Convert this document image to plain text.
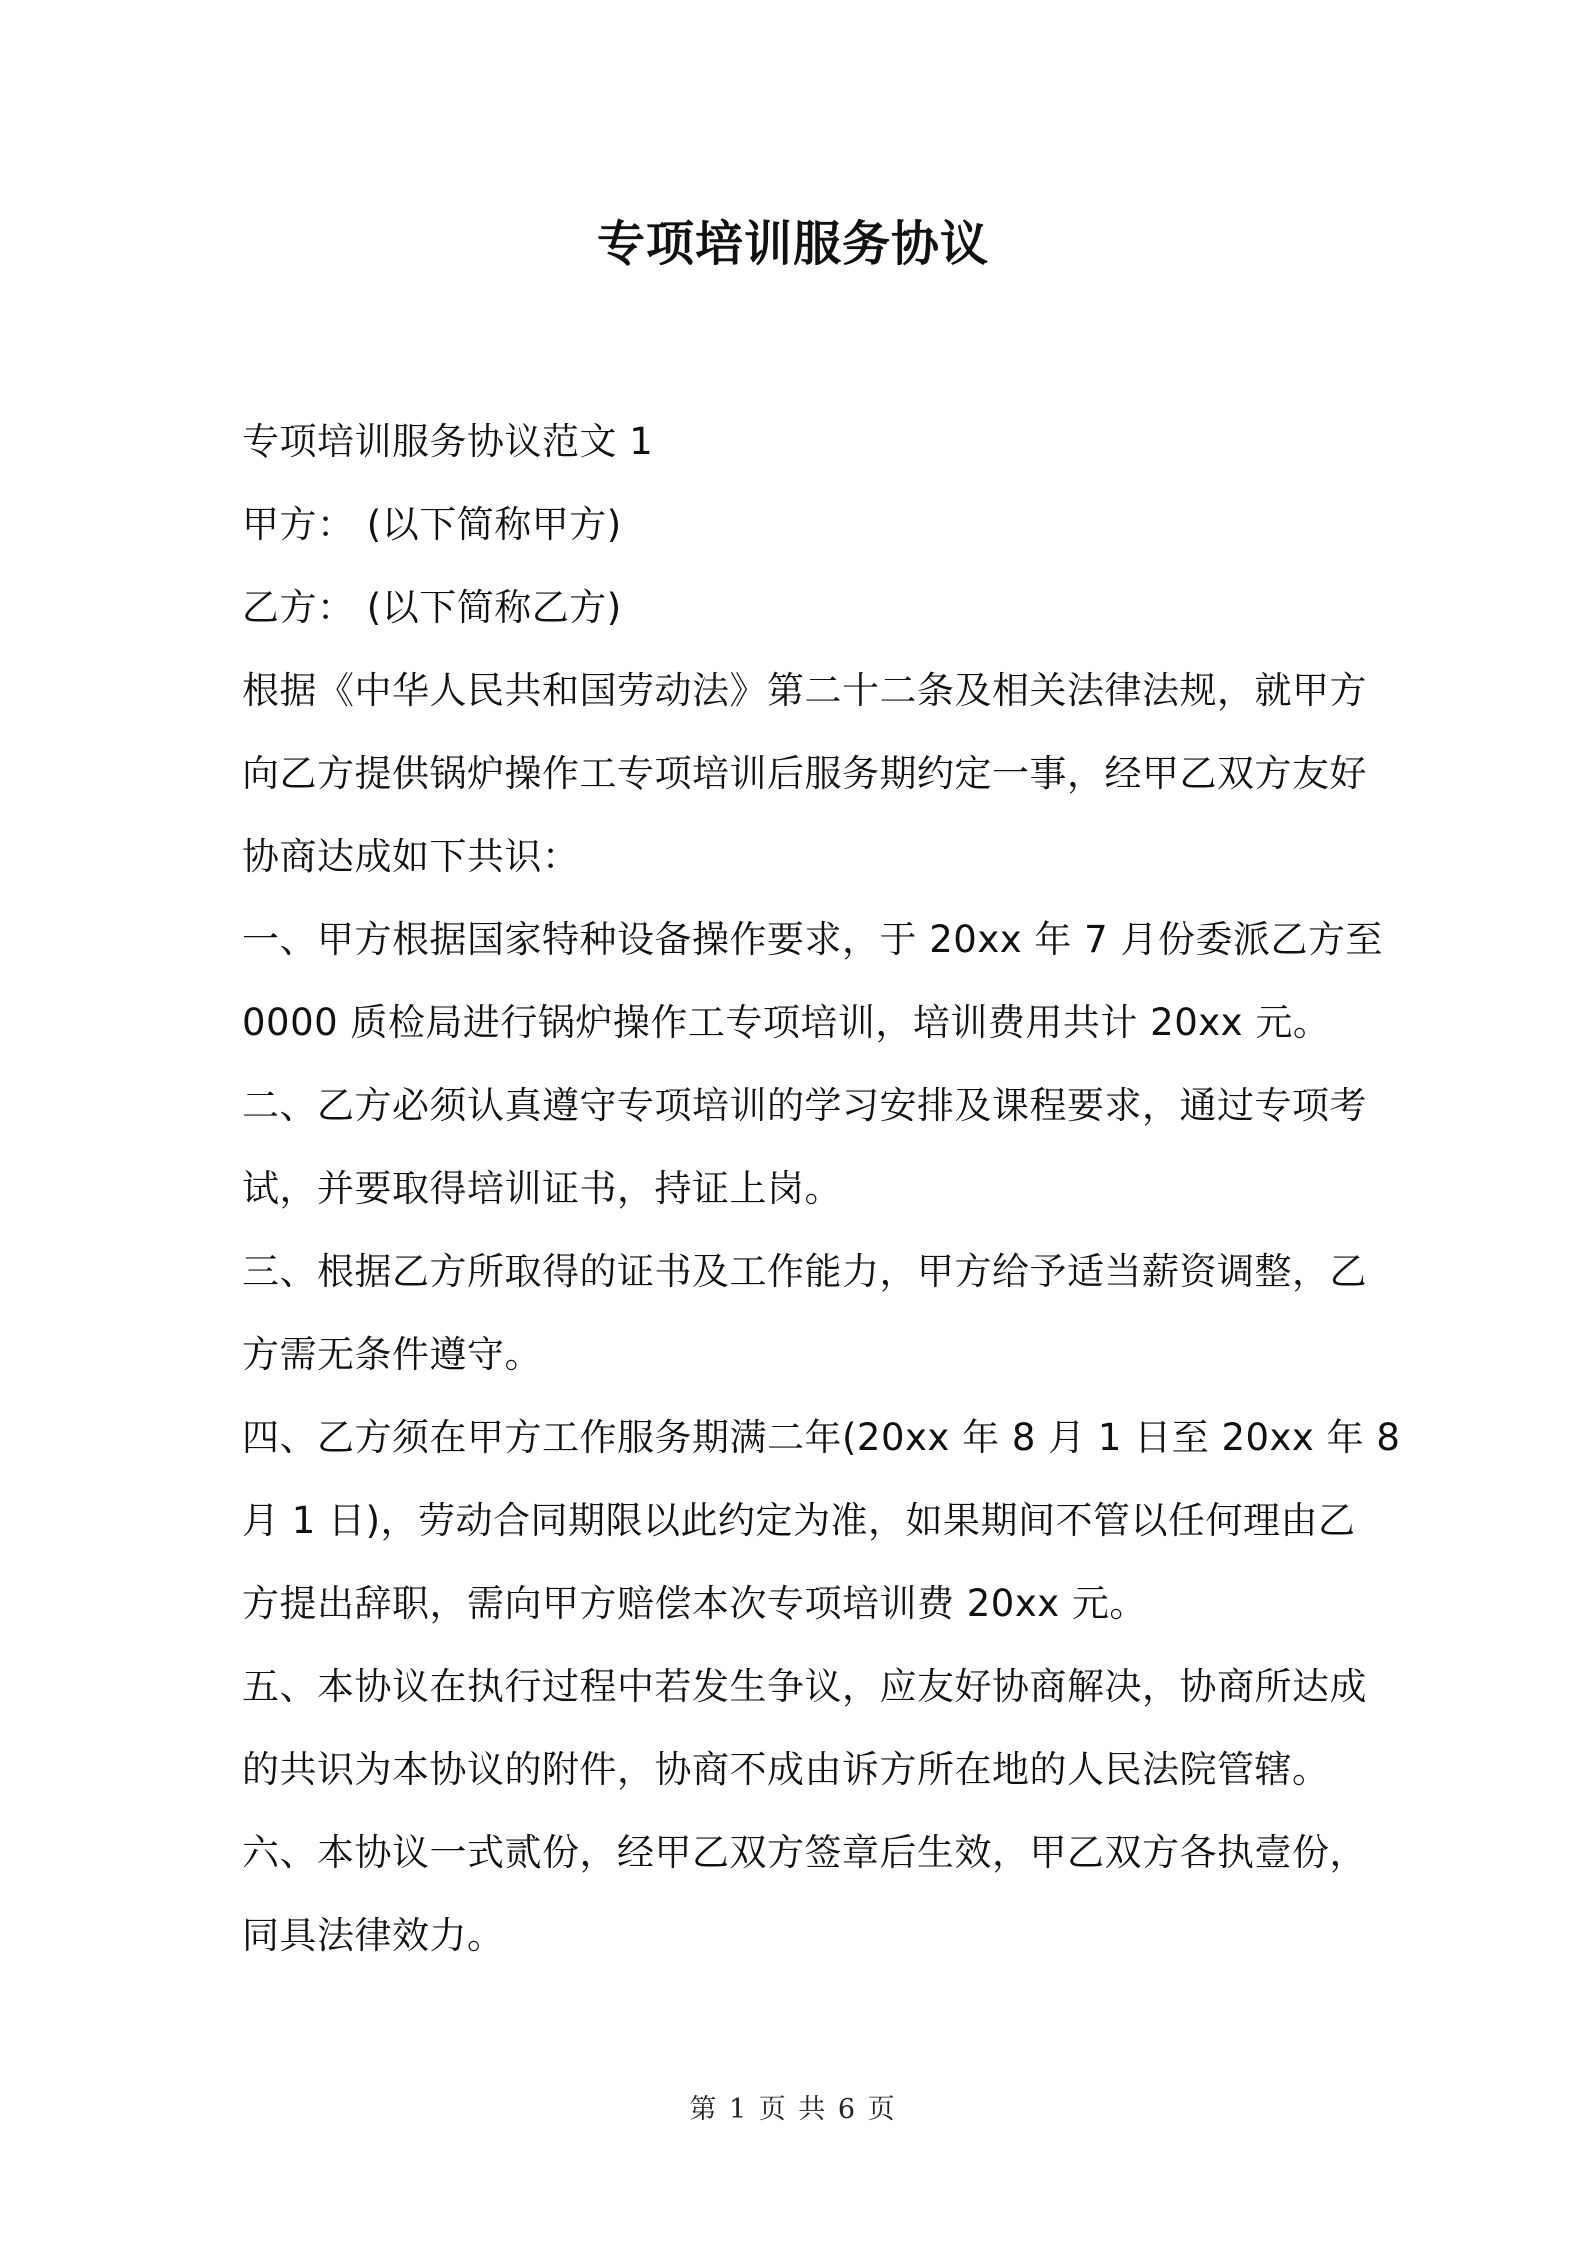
专项培训服务协议

专项培训服务协议范文 1

甲方： (以下简称甲方)

乙方： (以下简称乙方)

根据《中华人民共和国劳动法》第二十二条及相关法律法规，就甲方
向乙方提供锅炉操作工专项培训后服务期约定一事，经甲乙双方友好
协商达成如下共识：

一、甲方根据国家特种设备操作要求，于 20xx 年 7 月份委派乙方至
0000 质检局进行锅炉操作工专项培训，培训费用共计 20xx 元。

二、乙方必须认真遵守专项培训的学习安排及课程要求，通过专项考
试，并要取得培训证书，持证上岗。

三、根据乙方所取得的证书及工作能力，甲方给予适当薪资调整，乙
方需无条件遵守。

四、乙方须在甲方工作服务期满二年(20xx 年 8 月 1 日至 20xx 年 8
月 1 日)，劳动合同期限以此约定为准，如果期间不管以任何理由乙
方提出辞职，需向甲方赔偿本次专项培训费 20xx 元。

五、本协议在执行过程中若发生争议，应友好协商解决，协商所达成
的共识为本协议的附件，协商不成由诉方所在地的人民法院管辖。

六、本协议一式贰份，经甲乙双方签章后生效，甲乙双方各执壹份，
同具法律效力。

第 1 页 共 6 页
